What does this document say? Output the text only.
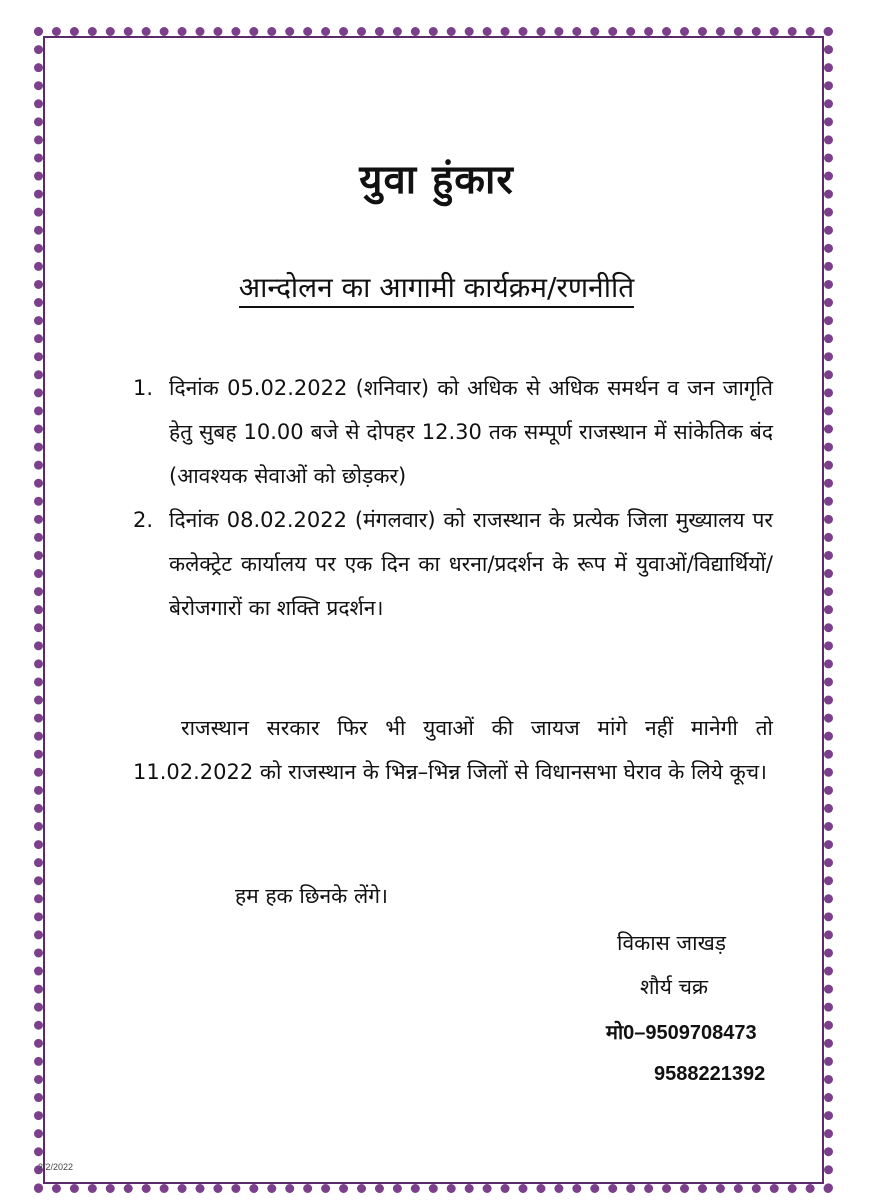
युवा हुंकार
आन्दोलन का आगामी कार्यक्रम/रणनीति
1. दिनांक 05.02.2022 (शनिवार) को अधिक से अधिक समर्थन व जन जागृति हेतु सुबह 10.00 बजे से दोपहर 12.30 तक सम्पूर्ण राजस्थान में सांकेतिक बंद (आवश्यक सेवाओं को छोड़कर)
2. दिनांक 08.02.2022 (मंगलवार) को राजस्थान के प्रत्येक जिला मुख्यालय पर कलेक्ट्रेट कार्यालय पर एक दिन का धरना/प्रदर्शन के रूप में युवाओं/विद्यार्थियों/बेरोजगारों का शक्ति प्रदर्शन।
राजस्थान सरकार फिर भी युवाओं की जायज मांगे नहीं मानेगी तो 11.02.2022 को राजस्थान के भिन्न–भिन्न जिलों से विधानसभा घेराव के लिये कूच।
हम हक छिनके लेंगे।
विकास जाखड़
शौर्य चक्र
मो0–9509708473
9588221392
2/2/2022
